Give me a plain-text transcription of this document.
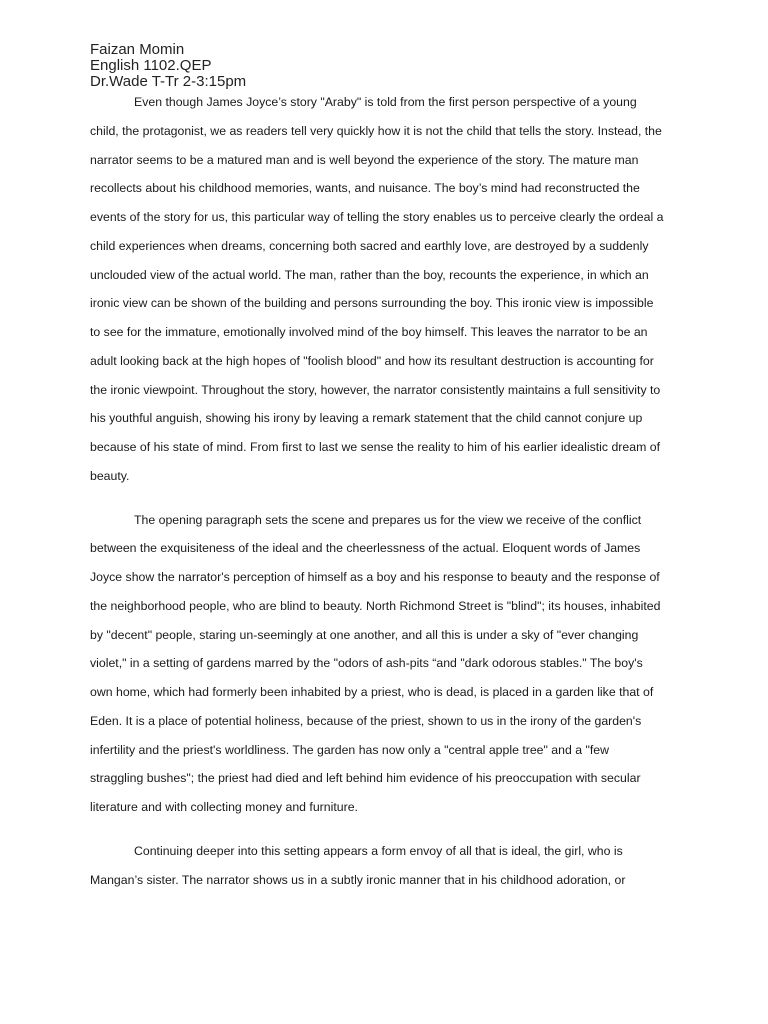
Faizan Momin
English 1102.QEP
Dr.Wade T-Tr 2-3:15pm
Even though James Joyce’s story "Araby" is told from the first person perspective of a young
child, the protagonist, we as readers tell very quickly how it is not the child that tells the story. Instead, the
narrator seems to be a matured man and is well beyond the experience of the story. The mature man
recollects about his childhood memories, wants, and nuisance. The boy’s mind had reconstructed the
events of the story for us, this particular way of telling the story enables us to perceive clearly the ordeal a
child experiences when dreams, concerning both sacred and earthly love, are destroyed by a suddenly
unclouded view of the actual world. The man, rather than the boy, recounts the experience, in which an
ironic view can be shown of the building and persons surrounding the boy. This ironic view is impossible
to see for the immature, emotionally involved mind of the boy himself. This leaves the narrator to be an
adult looking back at the high hopes of "foolish blood" and how its resultant destruction is accounting for
the ironic viewpoint. Throughout the story, however, the narrator consistently maintains a full sensitivity to
his youthful anguish, showing his irony by leaving a remark statement that the child cannot conjure up
because of his state of mind. From first to last we sense the reality to him of his earlier idealistic dream of
beauty.
The opening paragraph sets the scene and prepares us for the view we receive of the conflict
between the exquisiteness of the ideal and the cheerlessness of the actual. Eloquent words of James
Joyce show the narrator's perception of himself as a boy and his response to beauty and the response of
the neighborhood people, who are blind to beauty. North Richmond Street is "blind"; its houses, inhabited
by "decent" people, staring un-seemingly at one another, and all this is under a sky of "ever changing
violet," in a setting of gardens marred by the "odors of ash-pits “and "dark odorous stables." The boy's
own home, which had formerly been inhabited by a priest, who is dead, is placed in a garden like that of
Eden. It is a place of potential holiness, because of the priest, shown to us in the irony of the garden's
infertility and the priest's worldliness. The garden has now only a "central apple tree" and a "few
straggling bushes"; the priest had died and left behind him evidence of his preoccupation with secular
literature and with collecting money and furniture.
Continuing deeper into this setting appears a form envoy of all that is ideal, the girl, who is
Mangan’s sister. The narrator shows us in a subtly ironic manner that in his childhood adoration, or
